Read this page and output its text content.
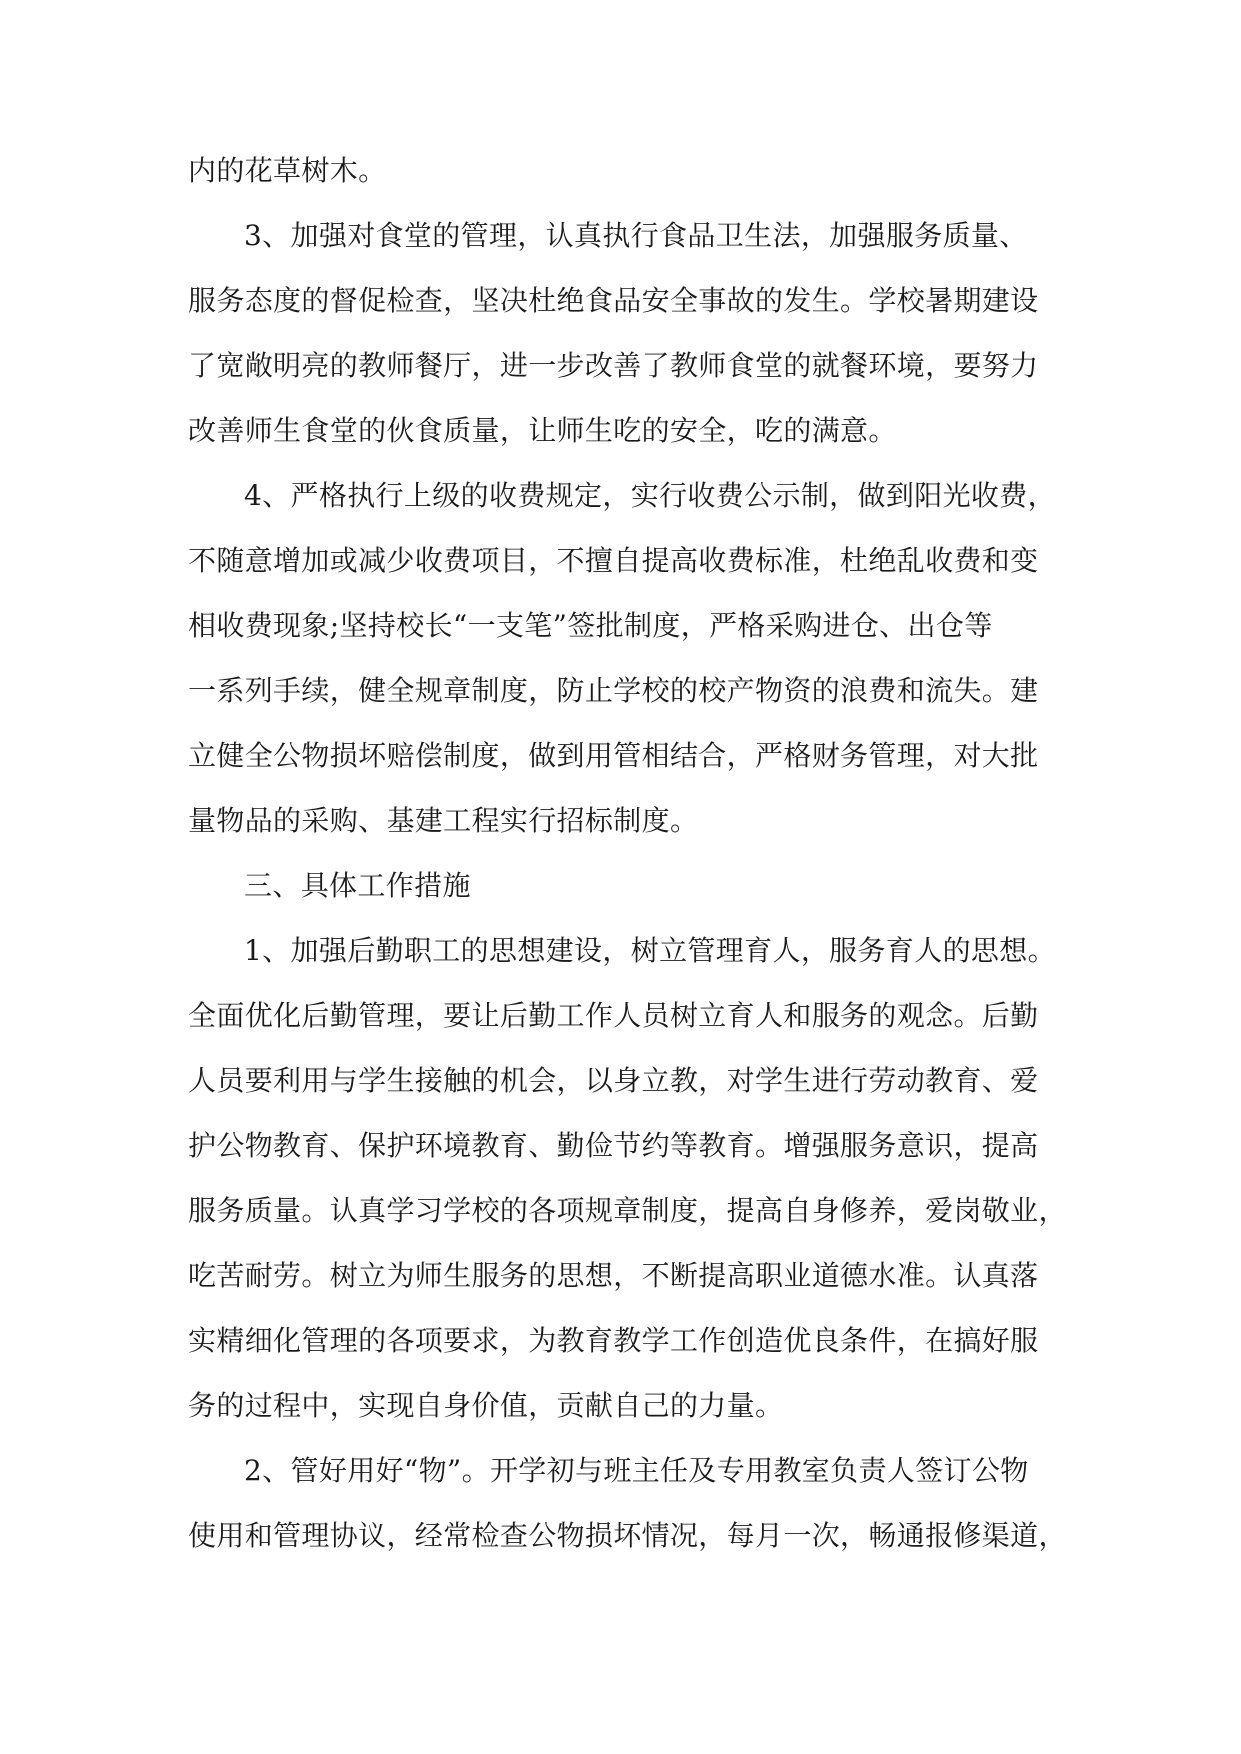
内的花草树木。
3、加强对食堂的管理，认真执行食品卫生法，加强服务质量、
服务态度的督促检查，坚决杜绝食品安全事故的发生。学校暑期建设
了宽敞明亮的教师餐厅，进一步改善了教师食堂的就餐环境，要努力
改善师生食堂的伙食质量，让师生吃的安全，吃的满意。
4、严格执行上级的收费规定，实行收费公示制，做到阳光收费，
不随意增加或减少收费项目，不擅自提高收费标准，杜绝乱收费和变
相收费现象;坚持校长“一支笔”签批制度，严格采购进仓、出仓等
一系列手续，健全规章制度，防止学校的校产物资的浪费和流失。建
立健全公物损坏赔偿制度，做到用管相结合，严格财务管理，对大批
量物品的采购、基建工程实行招标制度。
三、具体工作措施
1、加强后勤职工的思想建设，树立管理育人，服务育人的思想。
全面优化后勤管理，要让后勤工作人员树立育人和服务的观念。后勤
人员要利用与学生接触的机会，以身立教，对学生进行劳动教育、爱
护公物教育、保护环境教育、勤俭节约等教育。增强服务意识，提高
服务质量。认真学习学校的各项规章制度，提高自身修养，爱岗敬业，
吃苦耐劳。树立为师生服务的思想，不断提高职业道德水准。认真落
实精细化管理的各项要求，为教育教学工作创造优良条件，在搞好服
务的过程中，实现自身价值，贡献自己的力量。
2、管好用好“物”。开学初与班主任及专用教室负责人签订公物
使用和管理协议，经常检查公物损坏情况，每月一次，畅通报修渠道，
